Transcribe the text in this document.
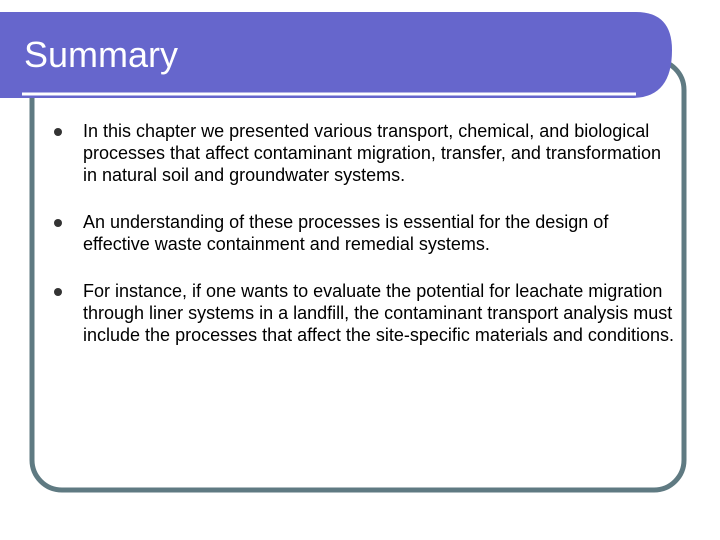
Summary
In this chapter we presented various transport, chemical, and biological processes that affect contaminant migration, transfer, and transformation in natural soil and groundwater systems.
An understanding of these processes is essential for the design of effective waste containment and remedial systems.
For instance, if one wants to evaluate the potential for leachate migration through liner systems in a landfill, the contaminant transport analysis must include the processes that affect the site-specific materials and conditions.
